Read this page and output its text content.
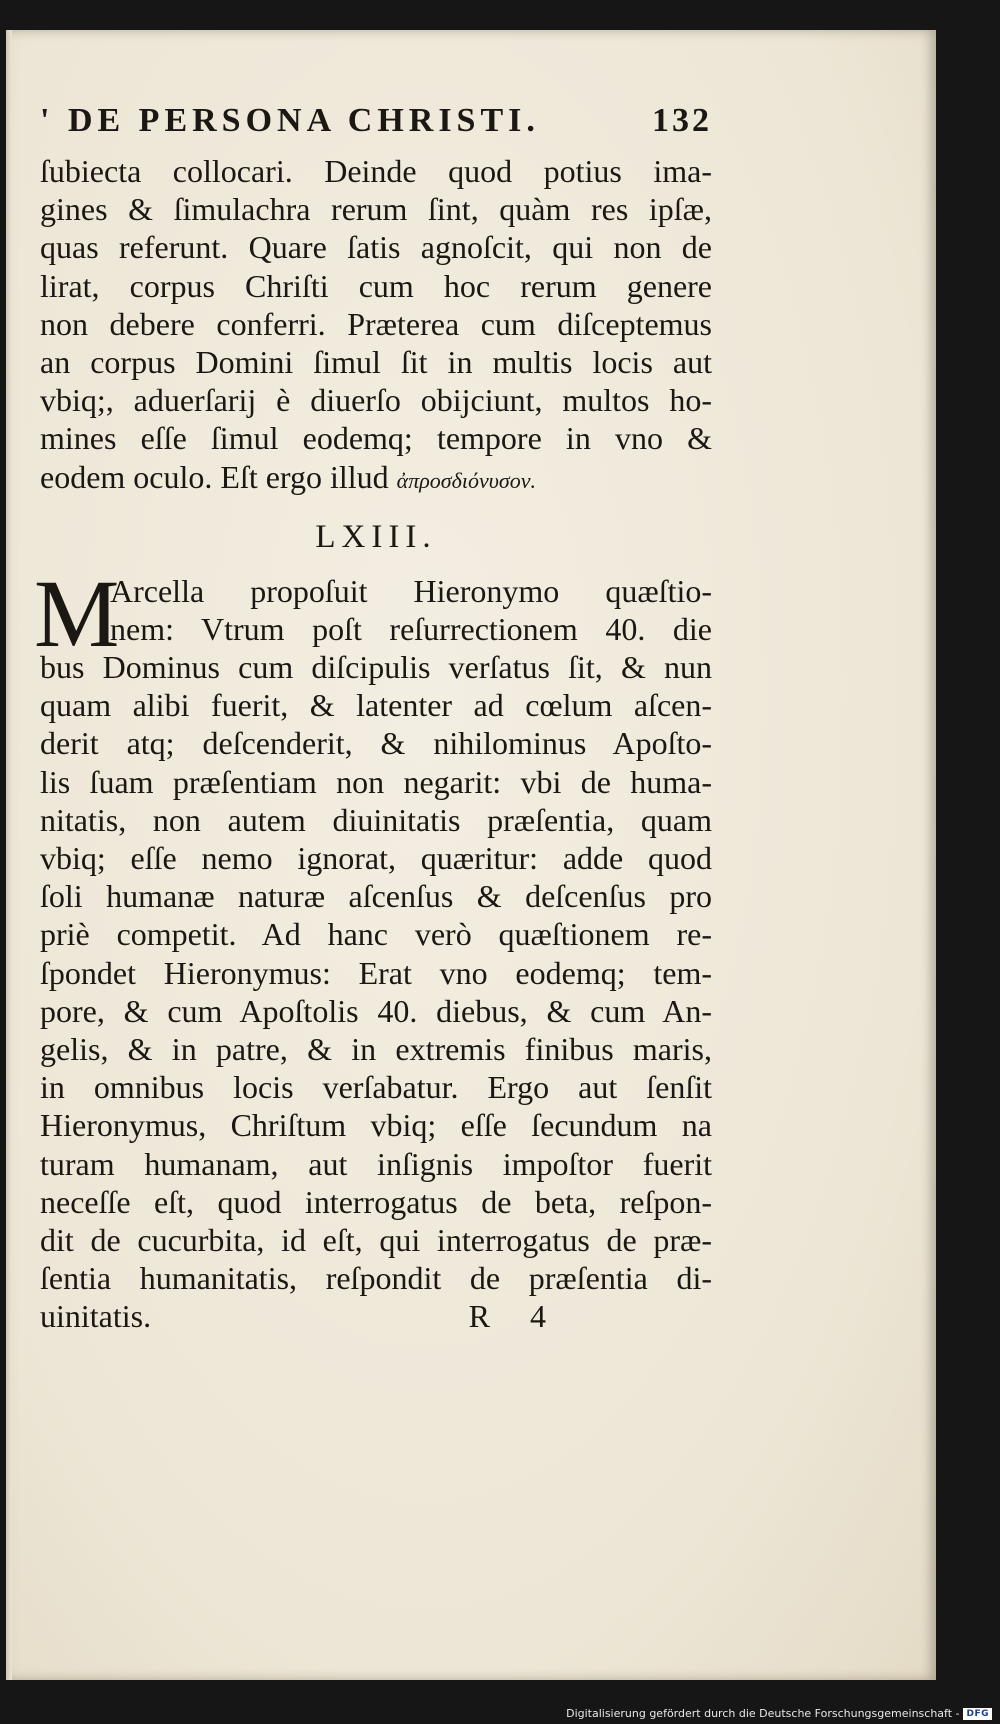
' DE PERSONA CHRISTI.	132
ſubiecta collocari. Deinde quod potius ima-
gines & ſimulachra rerum ſint, quàm res ipſæ,
quas referunt. Quare ſatis agnoſcit, qui non de
lirat, corpus Chriſti cum hoc rerum genere
non debere conferri. Præterea cum diſceptemus
an corpus Domini ſimul ſit in multis locis aut
vbiq;, aduerſarij è diuerſo obijciunt, multos ho-
mines eſſe ſimul eodemq; tempore in vno &
eodem oculo. Eſt ergo illud ἀπροσδιόνυσον.
LXIII.
M
Arcella propoſuit Hieronymo quæſtio-
nem: Vtrum poſt reſurrectionem 40. die
bus Dominus cum diſcipulis verſatus ſit, & nun
quam alibi fuerit, & latenter ad cœlum aſcen-
derit atq; deſcenderit, & nihilominus Apoſto-
lis ſuam præſentiam non negarit: vbi de huma-
nitatis, non autem diuinitatis præſentia, quam
vbiq; eſſe nemo ignorat, quæritur: adde quod
ſoli humanæ naturæ aſcenſus & deſcenſus pro
priè competit. Ad hanc verò quæſtionem re-
ſpondet Hieronymus: Erat vno eodemq; tem-
pore, & cum Apoſtolis 40. diebus, & cum An-
gelis, & in patre, & in extremis finibus maris,
in omnibus locis verſabatur. Ergo aut ſenſit
Hieronymus, Chriſtum vbiq; eſſe ſecundum na
turam humanam, aut inſignis impoſtor fuerit
neceſſe eſt, quod interrogatus de beta, reſpon-
dit de cucurbita, id eſt, qui interrogatus de præ-
ſentia humanitatis, reſpondit de præſentia di-
uinitatis.	R 4
Digitalisierung gefördert durch die Deutsche Forschungsgemeinschaft - DFG
